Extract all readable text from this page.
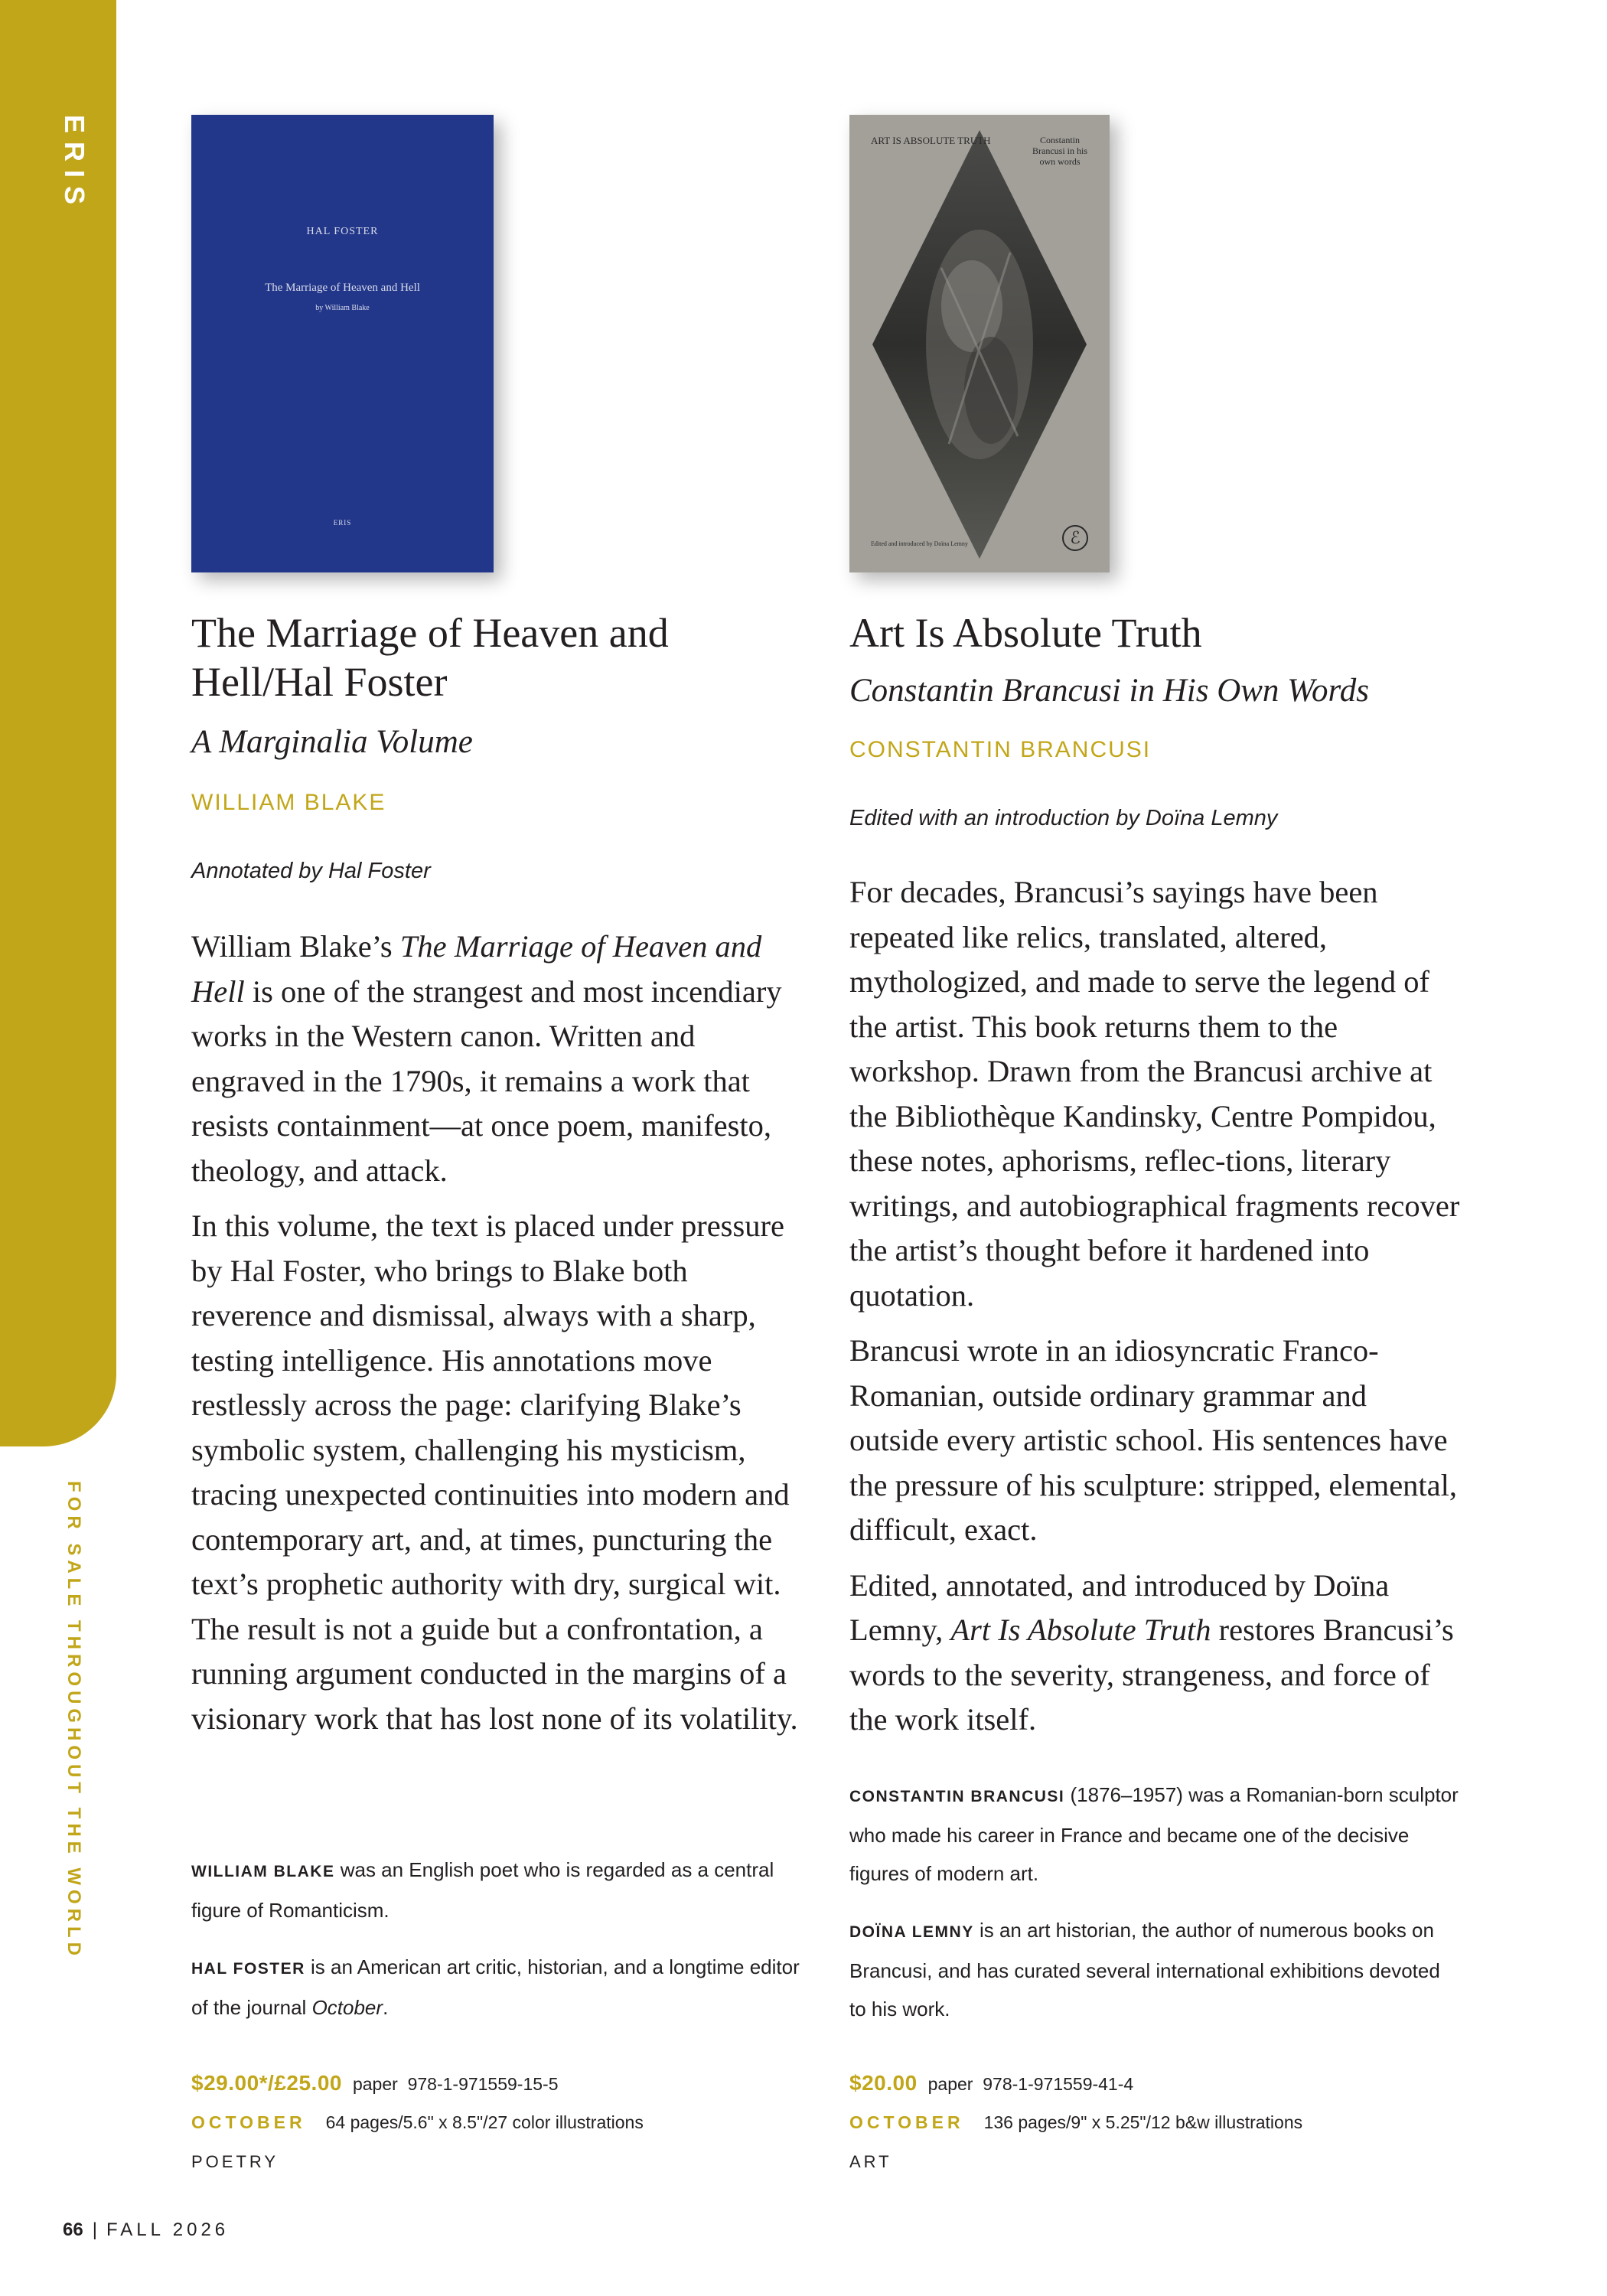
ERIS
FOR SALE THROUGHOUT THE WORLD
HAL FOSTER
The Marriage of Heaven and Hell
by William Blake
ERIS
The Marriage of Heaven and
Hell/Hal Foster
A Marginalia Volume
WILLIAM BLAKE
Annotated by Hal Foster

William Blake’s The Marriage of Heaven and Hell is one of the strangest and most incendiary works in the Western canon. Written and engraved in the 1790s, it remains a work that resists containment—at once poem, manifesto, theology, and attack.

In this volume, the text is placed under pressure by Hal Foster, who brings to Blake both reverence and dismissal, always with a sharp, testing intelligence. His annotations move restlessly across the page: clarifying Blake’s symbolic system, challenging his mysticism, tracing unexpected continuities into modern and contemporary art, and, at times, puncturing the text’s prophetic authority with dry, surgical wit. The result is not a guide but a confrontation, a running argument conducted in the margins of a visionary work that has lost none of its volatility.

WILLIAM BLAKE was an English poet who is regarded as a central figure of Romanticism.

HAL FOSTER is an American art critic, historian, and a longtime editor of the journal October.

$29.00*/£25.00 paper 978-1-971559-15-5
OCTOBER 64 pages/5.6" x 8.5"/27 color illustrations
POETRY
ART IS ABSOLUTE TRUTH	Constantin Brancusi in his own words
Edited and introduced by Doïna Lemny	ℰ
Art Is Absolute Truth
Constantin Brancusi in His Own Words
CONSTANTIN BRANCUSI
Edited with an introduction by Doïna Lemny

For decades, Brancusi’s sayings have been repeated like relics, translated, altered, mythologized, and made to serve the legend of the artist. This book returns them to the workshop. Drawn from the Brancusi archive at the Bibliothèque Kandinsky, Centre Pompidou, these notes, aphorisms, reflec-tions, literary writings, and autobiographical fragments recover the artist’s thought before it hardened into quotation.

Brancusi wrote in an idiosyncratic Franco-Romanian, outside ordinary grammar and outside every artistic school. His sentences have the pressure of his sculpture: stripped, elemental, difficult, exact.

Edited, annotated, and introduced by Doïna Lemny, Art Is Absolute Truth restores Brancusi’s words to the severity, strangeness, and force of the work itself.

CONSTANTIN BRANCUSI (1876–1957) was a Romanian-born sculptor who made his career in France and became one of the decisive figures of modern art.

DOÏNA LEMNY is an art historian, the author of numerous books on Brancusi, and has curated several international exhibitions devoted to his work.

$20.00 paper 978-1-971559-41-4
OCTOBER 136 pages/9" x 5.25"/12 b&w illustrations
ART
66 | FALL 2026
